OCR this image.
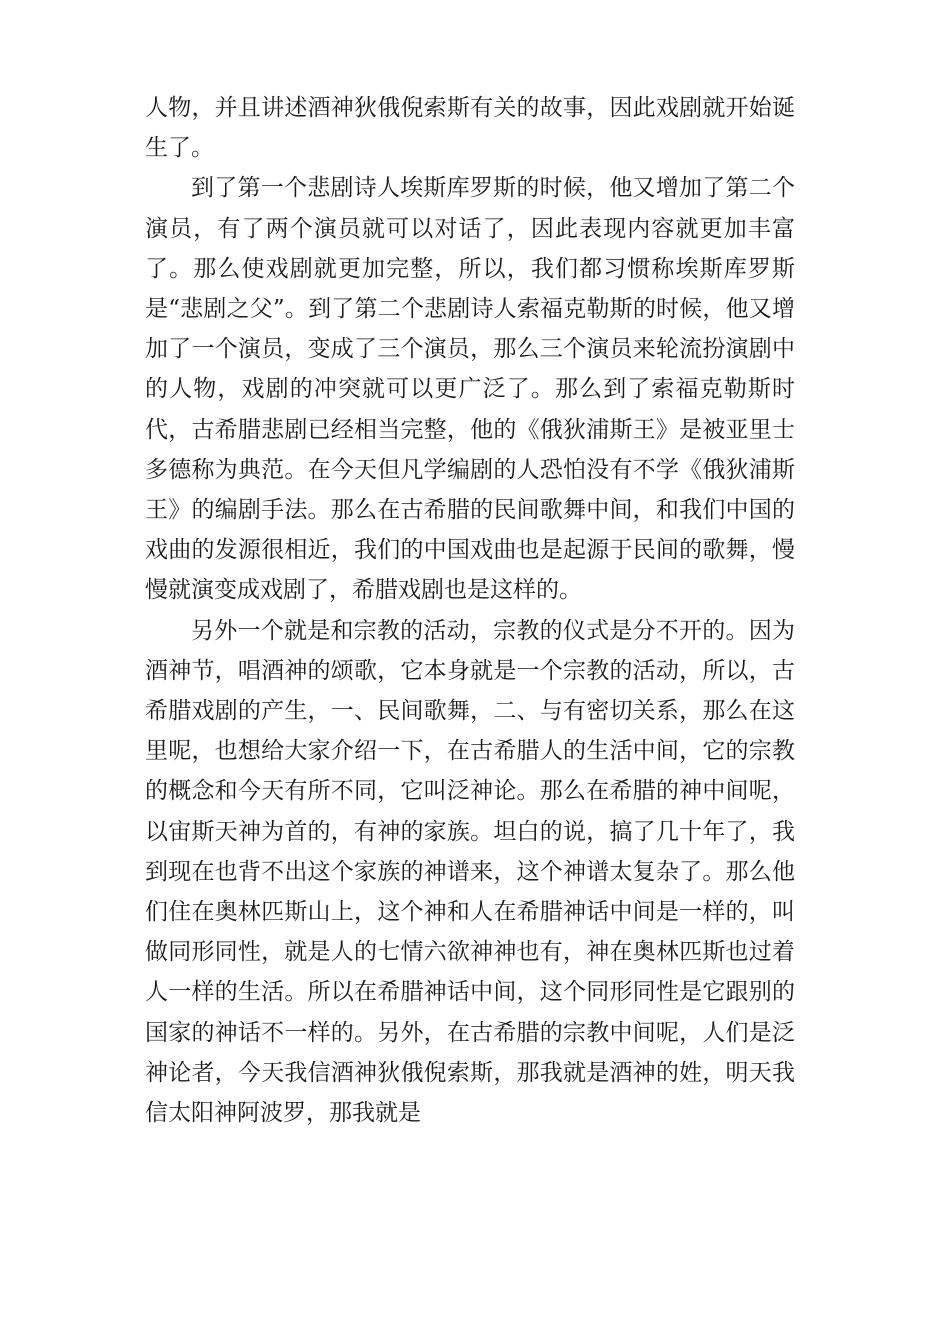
人物，并且讲述酒神狄俄倪索斯有关的故事，因此戏剧就开始诞生了。

到了第一个悲剧诗人埃斯库罗斯的时候，他又增加了第二个演员，有了两个演员就可以对话了，因此表现内容就更加丰富了。那么使戏剧就更加完整，所以，我们都习惯称埃斯库罗斯是“悲剧之父”。到了第二个悲剧诗人索福克勒斯的时候，他又增加了一个演员，变成了三个演员，那么三个演员来轮流扮演剧中的人物，戏剧的冲突就可以更广泛了。那么到了索福克勒斯时代，古希腊悲剧已经相当完整，他的《俄狄浦斯王》是被亚里士多德称为典范。在今天但凡学编剧的人恐怕没有不学《俄狄浦斯王》的编剧手法。那么在古希腊的民间歌舞中间，和我们中国的戏曲的发源很相近，我们的中国戏曲也是起源于民间的歌舞，慢慢就演变成戏剧了，希腊戏剧也是这样的。

另外一个就是和宗教的活动，宗教的仪式是分不开的。因为酒神节，唱酒神的颂歌，它本身就是一个宗教的活动，所以，古希腊戏剧的产生，一、民间歌舞，二、与有密切关系，那么在这里呢，也想给大家介绍一下，在古希腊人的生活中间，它的宗教的概念和今天有所不同，它叫泛神论。那么在希腊的神中间呢，以宙斯天神为首的，有神的家族。坦白的说，搞了几十年了，我到现在也背不出这个家族的神谱来，这个神谱太复杂了。那么他们住在奥林匹斯山上，这个神和人在希腊神话中间是一样的，叫做同形同性，就是人的七情六欲神神也有，神在奥林匹斯也过着人一样的生活。所以在希腊神话中间，这个同形同性是它跟别的国家的神话不一样的。另外，在古希腊的宗教中间呢，人们是泛神论者，今天我信酒神狄俄倪索斯，那我就是酒神的姓，明天我信太阳神阿波罗，那我就是
